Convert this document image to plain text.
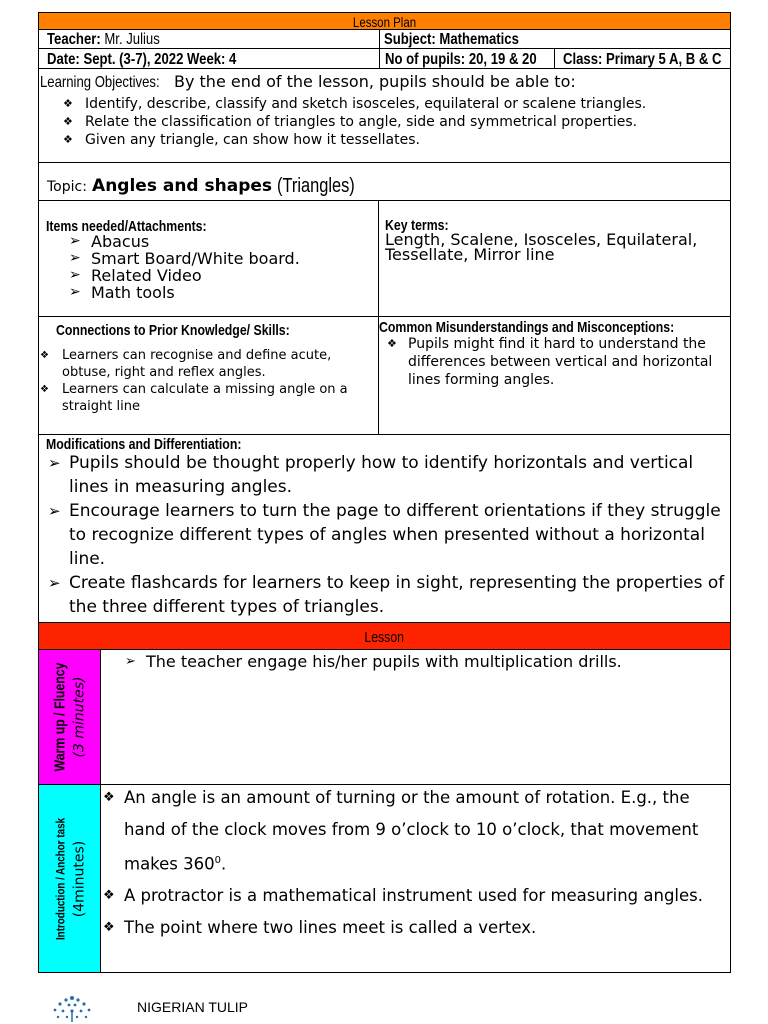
Lesson Plan
Teacher: Mr. Julius	Subject: Mathematics
Date: Sept. (3-7), 2022 Week: 4	No of pupils: 20, 19 & 20	Class: Primary 5 A, B & C
Learning Objectives: By the end of the lesson, pupils should be able to:
❖ Identify, describe, classify and sketch isosceles, equilateral or scalene triangles.
❖ Relate the classification of triangles to angle, side and symmetrical properties.
❖ Given any triangle, can show how it tessellates.
Topic: Angles and shapes (Triangles)
Items needed/Attachments:
➢ Abacus
➢ Smart Board/White board.
➢ Related Video
➢ Math tools
Key terms:
Length, Scalene, Isosceles, Equilateral,
Tessellate, Mirror line
Connections to Prior Knowledge/ Skills:
❖ Learners can recognise and define acute, obtuse, right and reflex angles.
❖ Learners can calculate a missing angle on a straight line
Common Misunderstandings and Misconceptions:
❖ Pupils might find it hard to understand the differences between vertical and horizontal lines forming angles.
Modifications and Differentiation:
➢ Pupils should be thought properly how to identify horizontals and vertical lines in measuring angles.
➢ Encourage learners to turn the page to different orientations if they struggle to recognize different types of angles when presented without a horizontal line.
➢ Create flashcards for learners to keep in sight, representing the properties of the three different types of triangles.
Lesson
Warm up / Fluency (3 minutes)
➢ The teacher engage his/her pupils with multiplication drills.
Introduction / Anchor task (4minutes)
❖ An angle is an amount of turning or the amount of rotation. E.g., the hand of the clock moves from 9 o’clock to 10 o’clock, that movement makes $360^0$.
❖ A protractor is a mathematical instrument used for measuring angles.
❖ The point where two lines meet is called a vertex.
NIGERIAN TULIP
